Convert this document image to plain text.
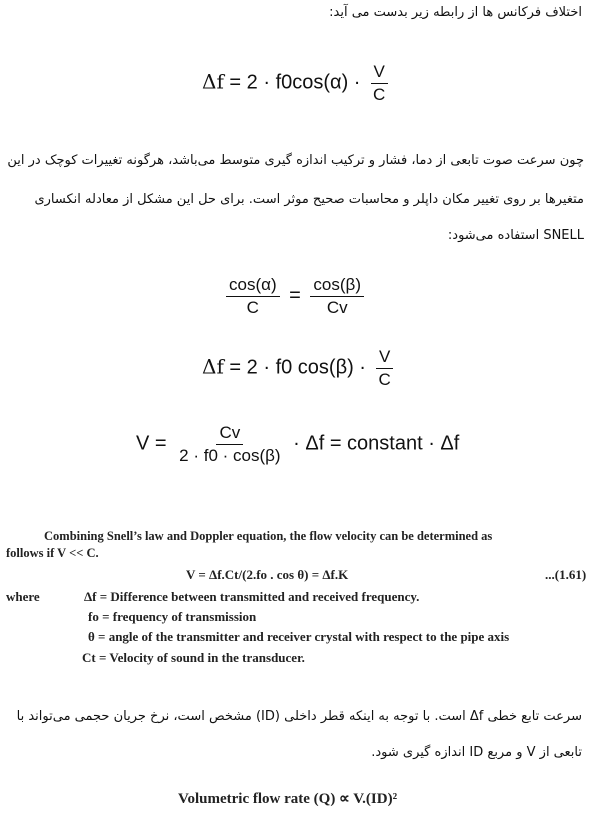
اختلاف فرکانس ها از رابطه زیر بدست می آید:
$\Delta f = 2 \cdot f0\cos(\alpha) \cdot \frac{V}{C}$
چون سرعت صوت تابعی از دما، فشار و ترکیب اندازه گیری متوسط می‌باشد، هرگونه تغییرات کوچک در این
متغیرها بر روی تغییر مکان داپلر و محاسبات صحیح موثر است. برای حل این مشکل از معادله انکساری
SNELL استفاده می‌شود:
$\frac{\cos(\alpha)}{C} = \frac{\cos(\beta)}{Cv}$
Δf = 2 · f0 $\cos(\beta) \cdot \frac{V}{C}$
$V = \frac{Cv}{2 \cdot f0 \cdot \cos(\beta)} \cdot \Delta f$ = constant · Δf
Combining Snell’s law and Doppler equation, the flow velocity can be determined as
follows if V << C.
V = Δf.Ct/(2.fo . cos θ) = Δf.K	...(1.61)
where	Δf = Difference between transmitted and received frequency.
fo = frequency of transmission
θ = angle of the transmitter and receiver crystal with respect to the pipe axis
Ct = Velocity of sound in the transducer.
سرعت تابع خطی Δf است. با توجه به اینکه قطر داخلی (ID) مشخص است، نرخ جریان حجمی می‌تواند با
تابعی از V و مربع ID اندازه گیری شود.
Volumetric flow rate (Q) ∝ V.(ID)²
